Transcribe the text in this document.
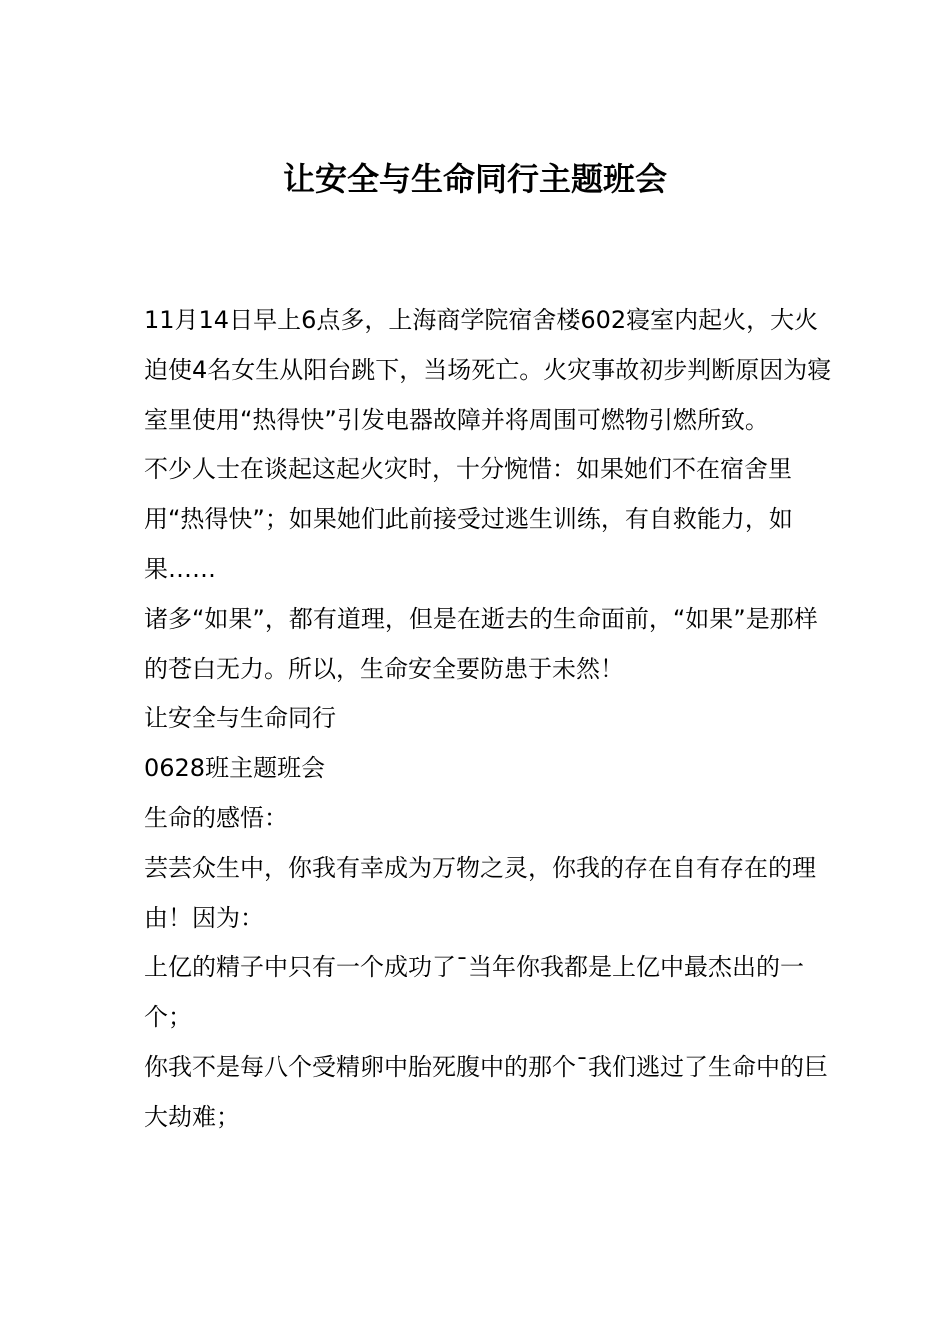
让安全与生命同行主题班会

11月14日早上6点多，上海商学院宿舍楼602寝室内起火，大火迫使4名女生从阳台跳下，当场死亡。火灾事故初步判断原因为寝室里使用“热得快”引发电器故障并将周围可燃物引燃所致。

不少人士在谈起这起火灾时，十分惋惜：如果她们不在宿舍里用“热得快”；如果她们此前接受过逃生训练，有自救能力，如果……

诸多“如果”，都有道理，但是在逝去的生命面前，“如果”是那样的苍白无力。所以，生命安全要防患于未然！

让安全与生命同行

0628班主题班会

生命的感悟：

芸芸众生中，你我有幸成为万物之灵，你我的存在自有存在的理由！因为：

上亿的精子中只有一个成功了¯当年你我都是上亿中最杰出的一个；

你我不是每八个受精卵中胎死腹中的那个¯我们逃过了生命中的巨大劫难；
